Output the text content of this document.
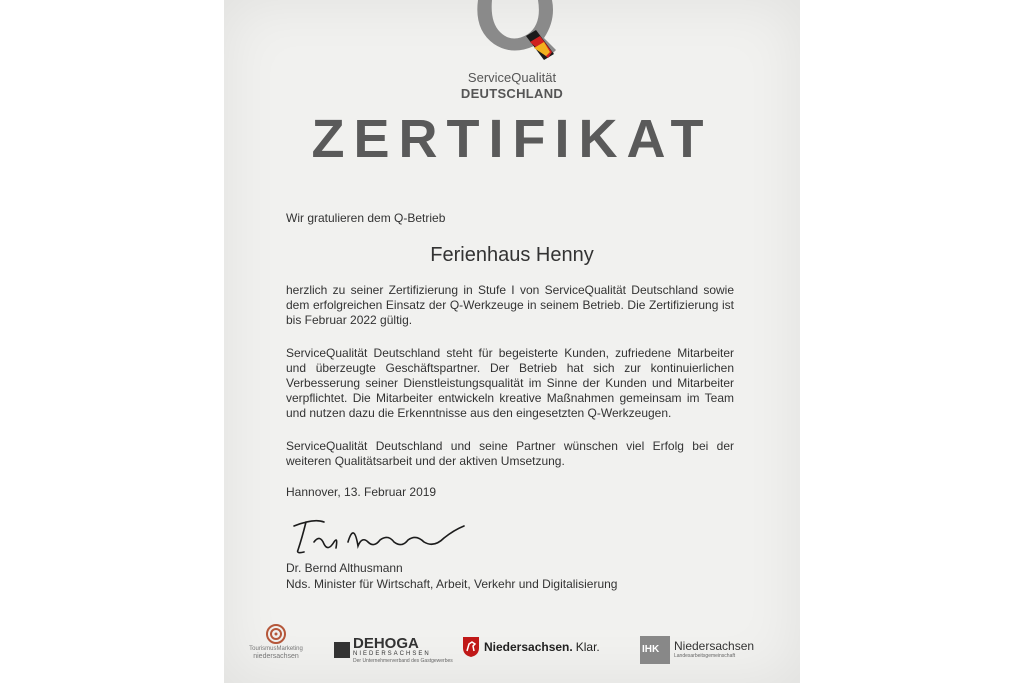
ServiceQualität
DEUTSCHLAND
ZERTIFIKAT
Wir gratulieren dem Q-Betrieb
Ferienhaus Henny
herzlich zu seiner Zertifizierung in Stufe I von ServiceQualität Deutschland sowie dem erfolgreichen Einsatz der Q-Werkzeuge in seinem Betrieb. Die Zertifizierung ist bis Februar 2022 gültig.
ServiceQualität Deutschland steht für begeisterte Kunden, zufriedene Mitarbeiter und überzeugte Geschäftspartner. Der Betrieb hat sich zur kontinuierlichen Verbesserung seiner Dienstleistungsqualität im Sinne der Kunden und Mitarbeiter verpflichtet. Die Mitarbeiter entwickeln kreative Maßnahmen gemeinsam im Team und nutzen dazu die Erkenntnisse aus den eingesetzten Q-Werkzeugen.
ServiceQualität Deutschland und seine Partner wünschen viel Erfolg bei der weiteren Qualitätsarbeit und der aktiven Umsetzung.
Hannover, 13. Februar 2019
Dr. Bernd Althusmann
Nds. Minister für Wirtschaft, Arbeit, Verkehr und Digitalisierung
TourismusMarketing
niedersachsen
DEHOGA
NIEDERSACHSEN
Der Unternehmerverband des Gastgewerbes
Niedersachsen. Klar.	IHK	Niedersachsen
Landesarbeitsgemeinschaft
